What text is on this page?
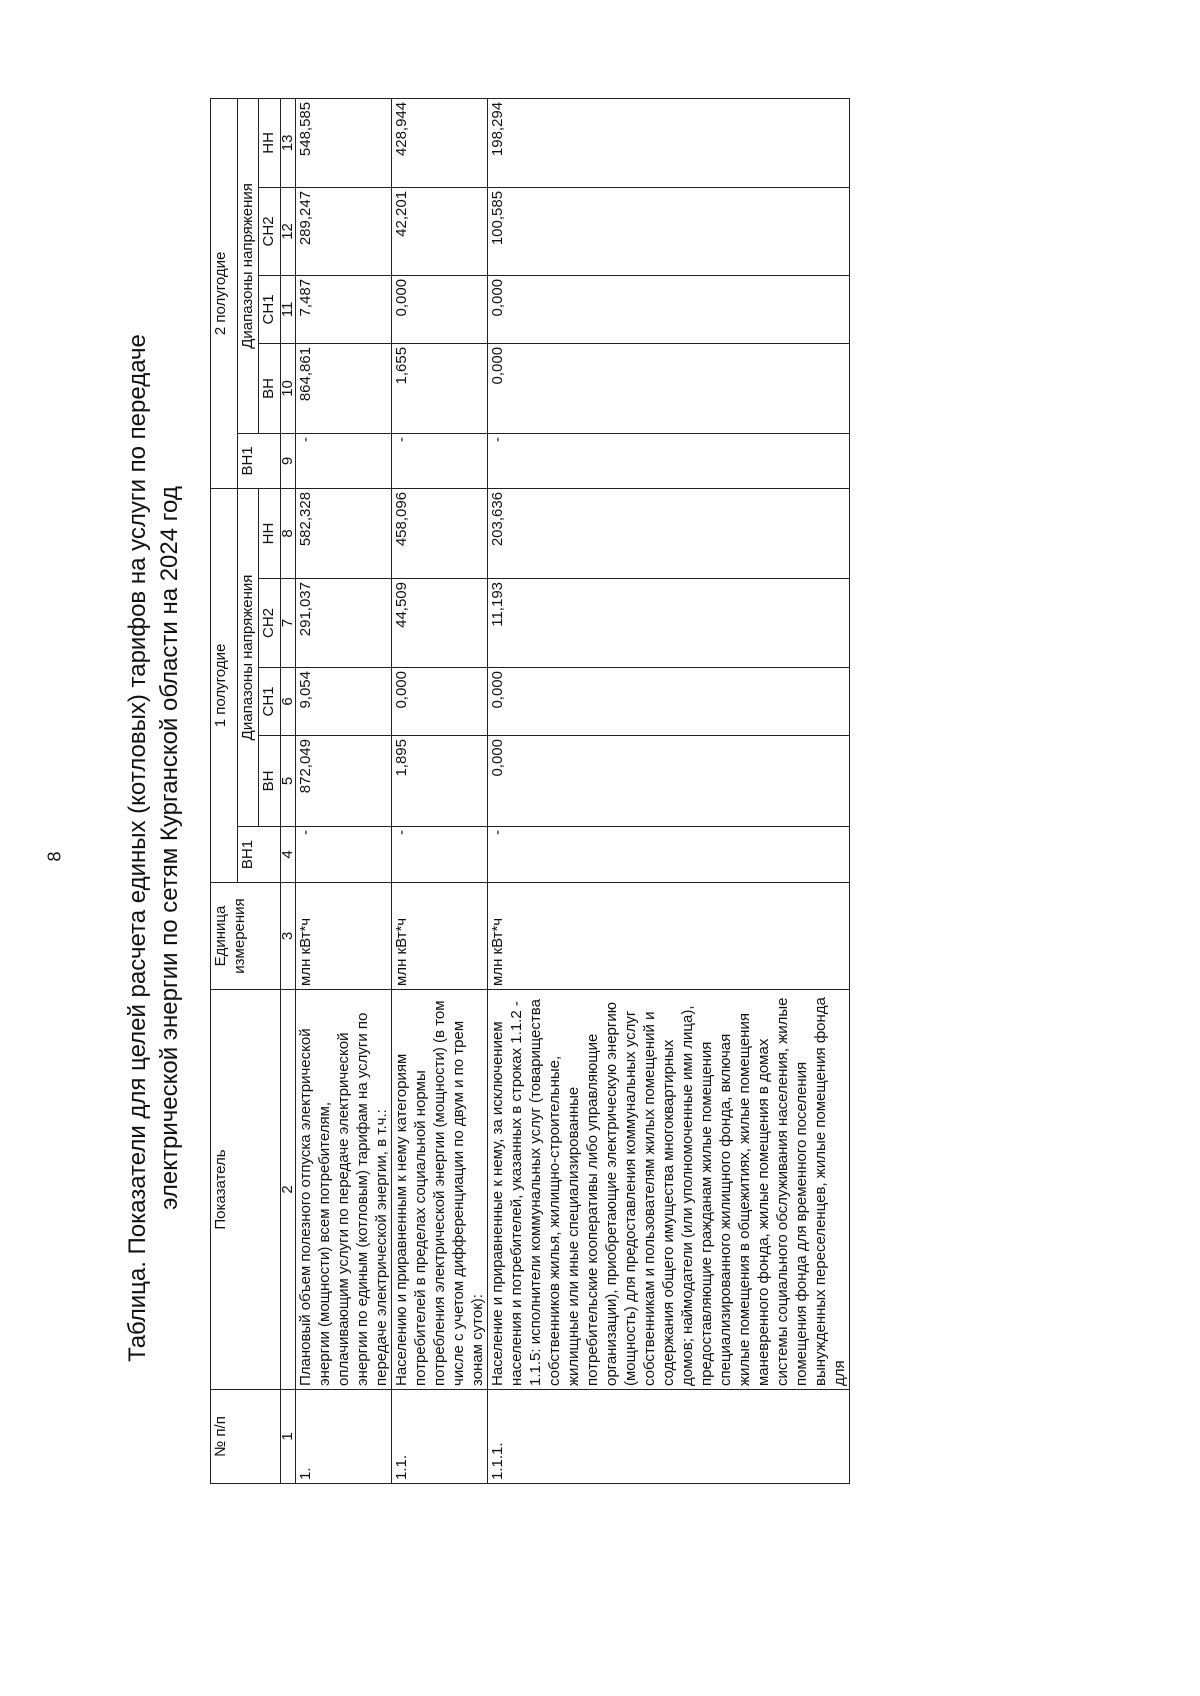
8 Таблица. Показатели для целей расчета единых (котловых) тарифов на услуги по передаче электрической энергии по сетям Курганской области на 2024 год
№ п/п	Показатель	Единица измерения	1 полугодие					2 полугодие				
			ВН1	Диапазоны напряжения				ВН1	Диапазоны напряжения			
				ВН	СН1	СН2	НН		ВН	СН1	СН2	НН
1	2	3	4	5	6	7	8	9	10	11	12	13
1.	Плановый объем полезного отпуска электрической энергии (мощности) всем потребителям, оплачивающим услуги по передаче электрической энергии по единым (котловым) тарифам на услуги по передаче электрической энергии, в т.ч.:	млн кВт*ч	-	872,049	9,054	291,037	582,328	-	864,861	7,487	289,247	548,585
1.1.	Населению и приравненным к нему категориям потребителей в пределах социальной нормы потребления электрической энергии (мощности) (в том числе с учетом дифференциации по двум и по трем зонам суток):	млн кВт*ч	-	1,895	0,000	44,509	458,096	-	1,655	0,000	42,201	428,944
1.1.1.	Население и приравненные к нему, за исключением населения и потребителей, указанных в строках 1.1.2 - 1.1.5: исполнители коммунальных услуг (товарищества собственников жилья, жилищно-строительные, жилищные или иные специализированные потребительские кооперативы либо управляющие организации), приобретающие электрическую энергию (мощность) для предоставления коммунальных услуг собственникам и пользователям жилых помещений и содержания общего имущества многоквартирных домов; наймодатели (или уполномоченные ими лица), предоставляющие гражданам жилые помещения специализированного жилищного фонда, включая жилые помещения в общежитиях, жилые помещения маневренного фонда, жилые помещения в домах системы социального обслуживания населения, жилые помещения фонда для временного поселения вынужденных переселенцев, жилые помещения фонда для	млн кВт*ч	-	0,000	0,000	11,193	203,636	-	0,000	0,000	100,585	198,294
